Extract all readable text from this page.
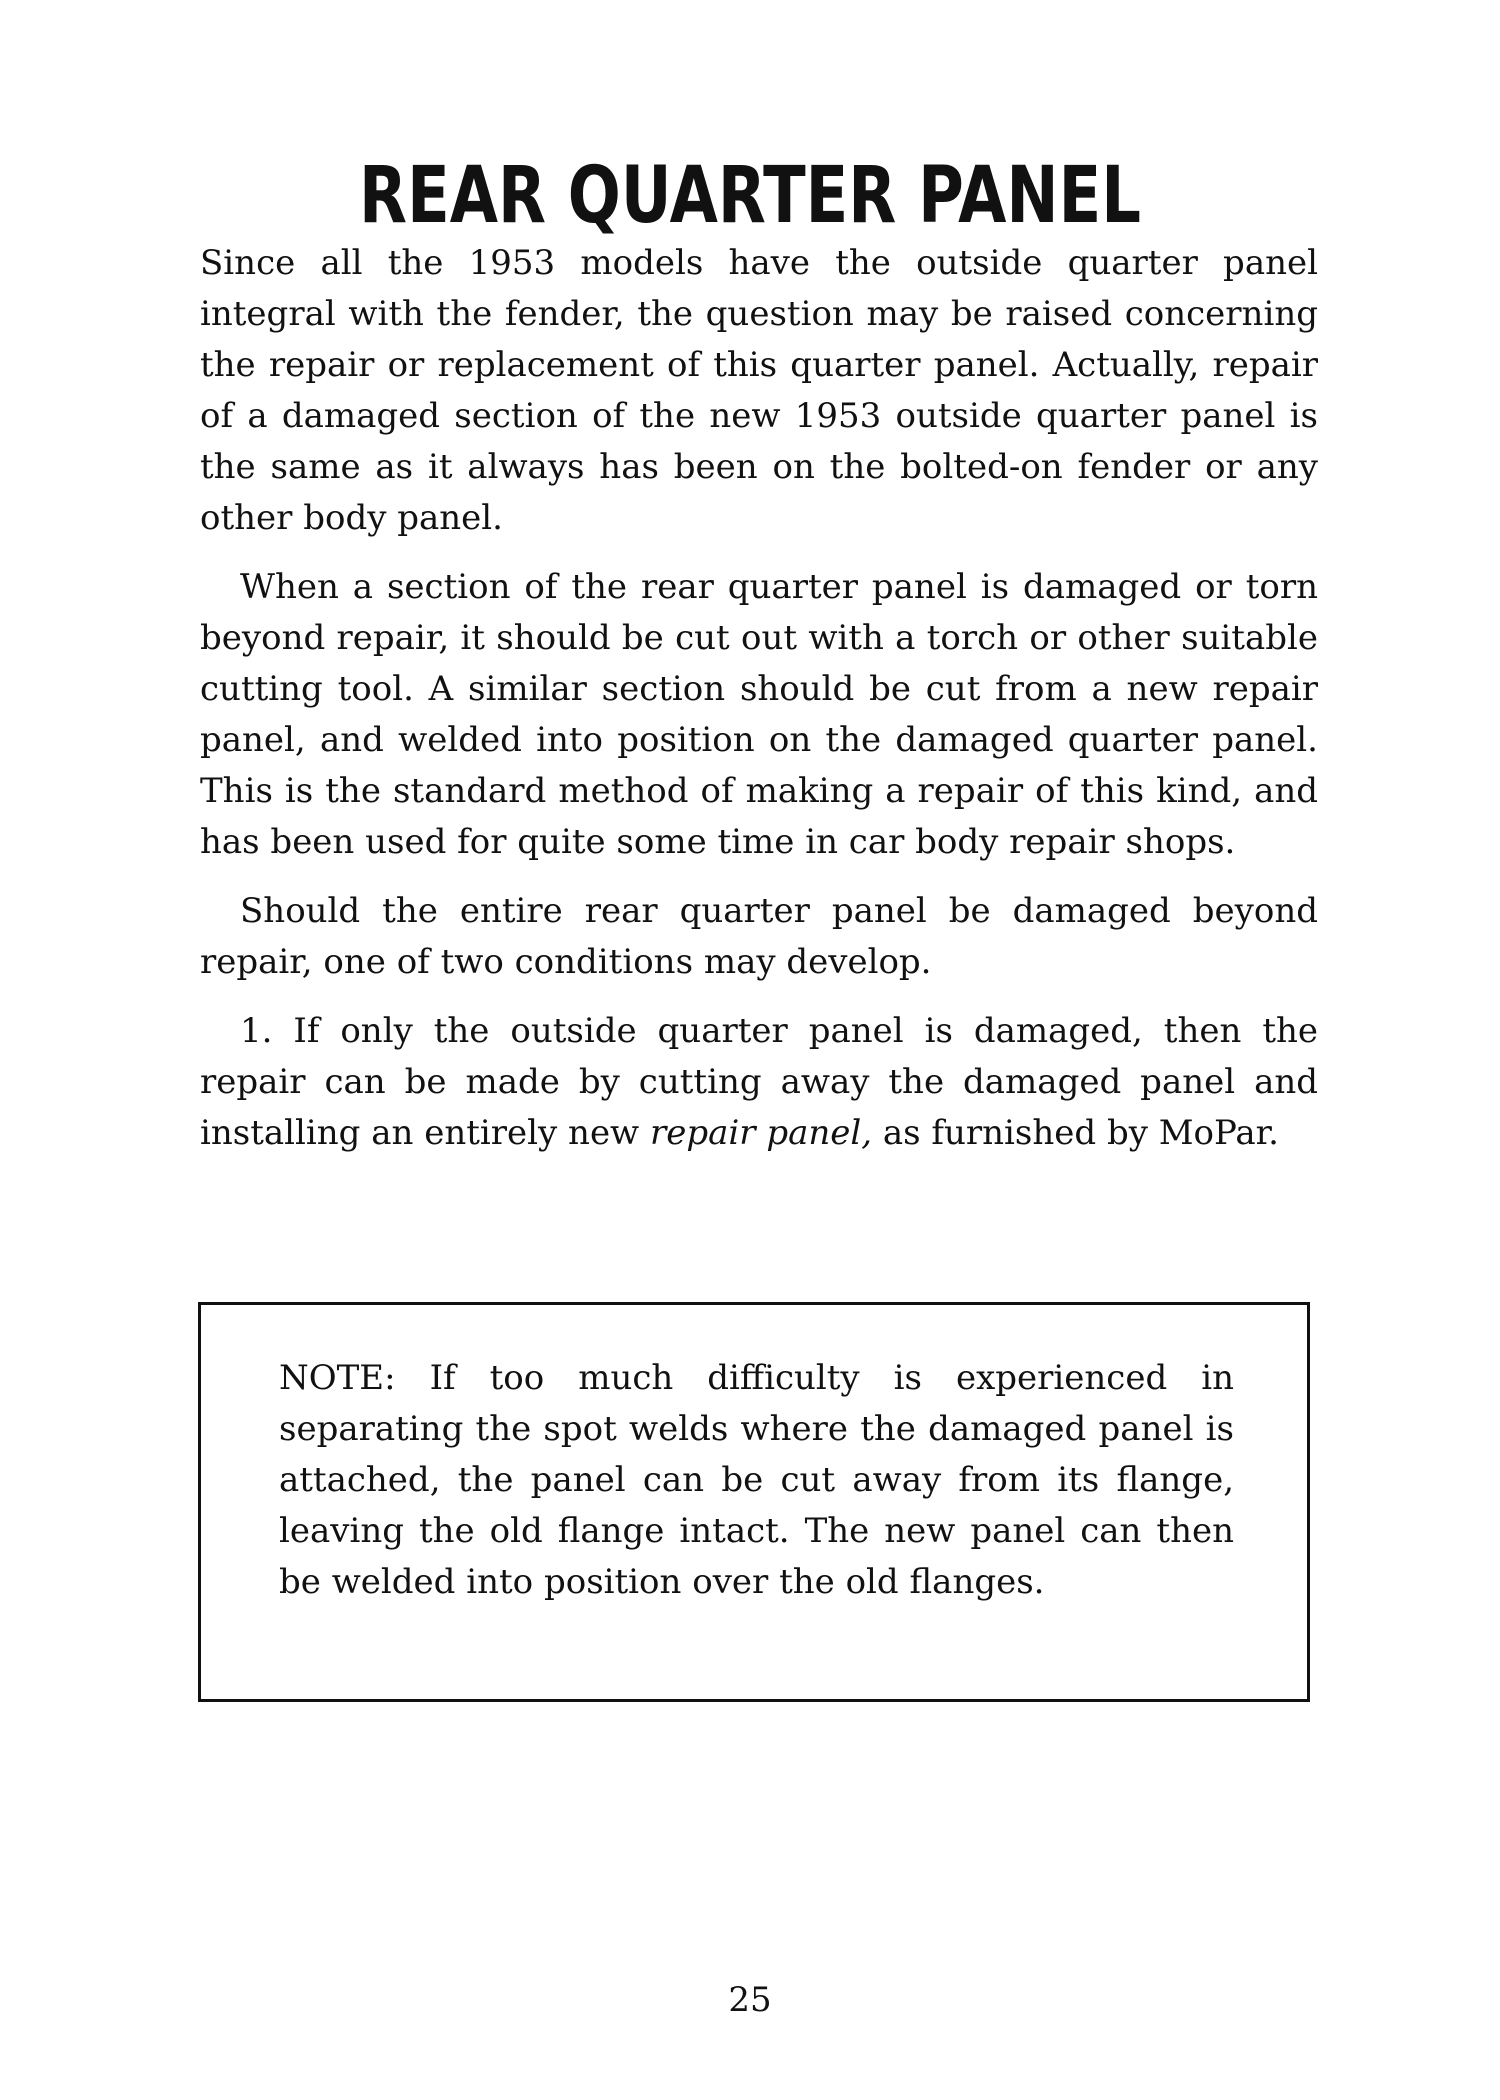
REAR QUARTER PANEL

Since all the 1953 models have the outside quarter panel integral with the fender, the question may be raised concerning the repair or replacement of this quarter panel. Actually, repair of a damaged section of the new 1953 outside quarter panel is the same as it always has been on the bolted-on fender or any other body panel.

When a section of the rear quarter panel is damaged or torn beyond repair, it should be cut out with a torch or other suitable cutting tool. A similar section should be cut from a new repair panel, and welded into position on the damaged quarter panel. This is the standard method of making a repair of this kind, and has been used for quite some time in car body repair shops.

Should the entire rear quarter panel be damaged beyond repair, one of two conditions may develop.

1. If only the outside quarter panel is damaged, then the repair can be made by cutting away the damaged panel and installing an entirely new repair panel, as furnished by MoPar.

NOTE: If too much difficulty is experienced in separating the spot welds where the damaged panel is attached, the panel can be cut away from its flange, leaving the old flange intact. The new panel can then be welded into position over the old flanges.

25
